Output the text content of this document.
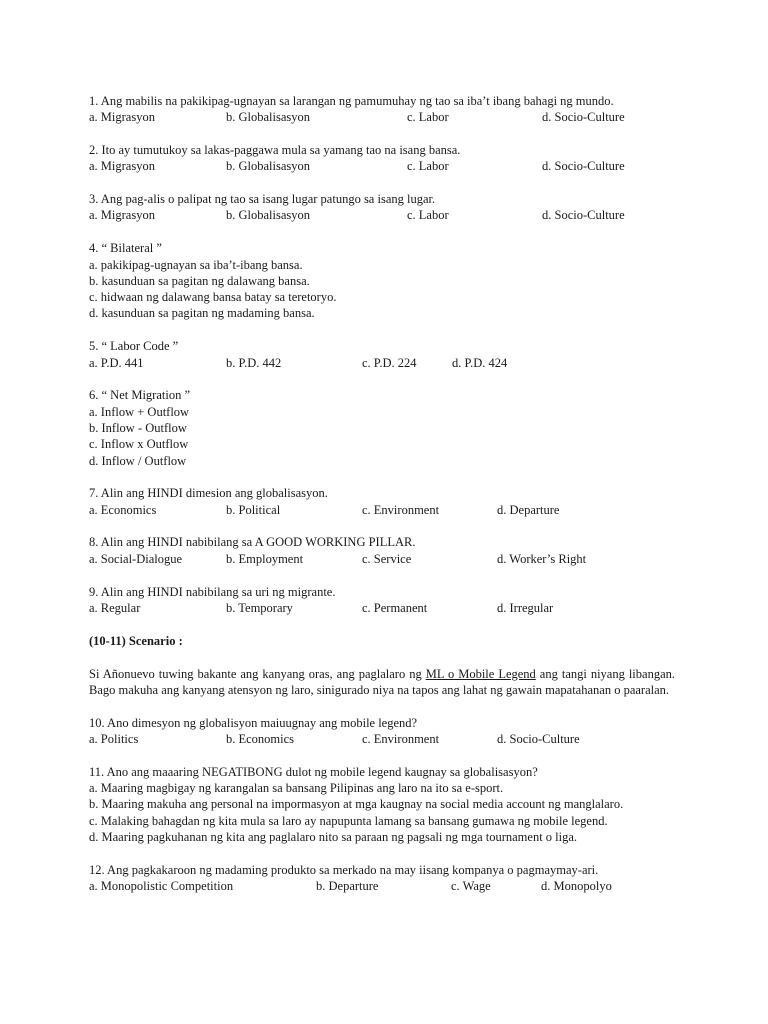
1. Ang mabilis na pakikipag-ugnayan sa larangan ng pamumuhay ng tao sa iba’t ibang bahagi ng mundo.
a. Migrasyon	b. Globalisasyon	c. Labor	d. Socio-Culture
2. Ito ay tumutukoy sa lakas-paggawa mula sa yamang tao na isang bansa.
a. Migrasyon	b. Globalisasyon	c. Labor	d. Socio-Culture
3. Ang pag-alis o palipat ng tao sa isang lugar patungo sa isang lugar.
a. Migrasyon	b. Globalisasyon	c. Labor	d. Socio-Culture
4. “ Bilateral ”
a. pakikipag-ugnayan sa iba’t-ibang bansa.
b. kasunduan sa pagitan ng dalawang bansa.
c. hidwaan ng dalawang bansa batay sa teretoryo.
d. kasunduan sa pagitan ng madaming bansa.
5. “ Labor Code ”
a. P.D. 441	b. P.D. 442	c. P.D. 224	d. P.D. 424
6. “ Net Migration ”
a. Inflow + Outflow
b. Inflow - Outflow
c. Inflow x Outflow
d. Inflow / Outflow
7. Alin ang HINDI dimesion ang globalisasyon.
a. Economics	b. Political	c. Environment	d. Departure
8. Alin ang HINDI nabibilang sa A GOOD WORKING PILLAR.
a. Social-Dialogue	b. Employment	c. Service	d. Worker’s Right
9. Alin ang HINDI nabibilang sa uri ng migrante.
a. Regular	b. Temporary	c. Permanent	d. Irregular
(10-11) Scenario :
Si Añonuevo tuwing bakante ang kanyang oras, ang paglalaro ng ML o Mobile Legend ang tangi niyang libangan. Bago makuha ang kanyang atensyon ng laro, sinigurado niya na tapos ang lahat ng gawain mapatahanan o paaralan.
10. Ano dimesyon ng globalisyon maiuugnay ang mobile legend?
a. Politics	b. Economics	c. Environment	d. Socio-Culture
11. Ano ang maaaring NEGATIBONG dulot ng mobile legend kaugnay sa globalisasyon?
a. Maaring magbigay ng karangalan sa bansang Pilipinas ang laro na ito sa e-sport.
b. Maaring makuha ang personal na impormasyon at mga kaugnay na social media account ng manglalaro.
c. Malaking bahagdan ng kita mula sa laro ay napupunta lamang sa bansang gumawa ng mobile legend.
d. Maaring pagkuhanan ng kita ang paglalaro nito sa paraan ng pagsali ng mga tournament o liga.
12. Ang pagkakaroon ng madaming produkto sa merkado na may iisang kompanya o pagmaymay-ari.
a. Monopolistic Competition	b. Departure	c. Wage	d. Monopolyo
